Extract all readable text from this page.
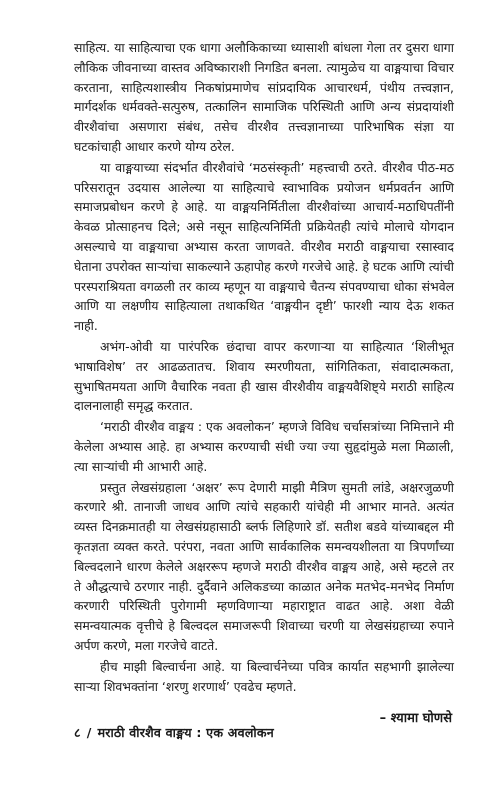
साहित्य. या साहित्याचा एक धागा अलौकिकाच्या ध्यासाशी बांधला गेला तर दुसरा धागा लौकिक जीवनाच्या वास्तव अविष्काराशी निगडित बनला. त्यामुळेच या वाङ्मयाचा विचार करताना, साहित्यशास्त्रीय निकषांप्रमाणेच सांप्रदायिक आचारधर्म, पंथीय तत्त्वज्ञान, मार्गदर्शक धर्मवक्ते-सत्पुरुष, तत्कालिन सामाजिक परिस्थिती आणि अन्य संप्रदायांशी वीरशैवांचा असणारा संबंध, तसेच वीरशैव तत्त्वज्ञानाच्या पारिभाषिक संज्ञा या घटकांचाही आधार करणे योग्य ठरेल.

या वाङ्मयाच्या संदर्भात वीरशैवांचे ‘मठसंस्कृती’ महत्त्वाची ठरते. वीरशैव पीठ-मठ परिसरातून उदयास आलेल्या या साहित्याचे स्वाभाविक प्रयोजन धर्मप्रवर्तन आणि समाजप्रबोधन करणे हे आहे. या वाङ्मयनिर्मितीला वीरशैवांच्या आचार्य-मठाधिपतींनी केवळ प्रोत्साहनच दिले; असे नसून साहित्यनिर्मिती प्रक्रियेतही त्यांचे मोलाचे योगदान असल्याचे या वाङ्मयाचा अभ्यास करता जाणवते. वीरशैव मराठी वाङ्मयाचा रसास्वाद घेताना उपरोक्त साऱ्यांचा साकल्याने ऊहापोह करणे गरजेचे आहे. हे घटक आणि त्यांची परस्पराश्रियता वगळली तर काव्य म्हणून या वाङ्मयाचे चैतन्य संपवण्याचा धोका संभवेल आणि या लक्षणीय साहित्याला तथाकथित ‘वाङ्मयीन दृष्टी’ फारशी न्याय देऊ शकत नाही.

अभंग-ओवी या पारंपरिक छंदाचा वापर करणाऱ्या या साहित्यात ‘शिलीभूत भाषाविशेष’ तर आढळतातच. शिवाय स्मरणीयता, सांगितिकता, संवादात्मकता, सुभाषितमयता आणि वैचारिक नवता ही खास वीरशैवीय वाङ्मयवैशिष्ट्ये मराठी साहित्य दालनालाही समृद्ध करतात.

‘मराठी वीरशैव वाङ्मय : एक अवलोकन’ म्हणजे विविध चर्चासत्रांच्या निमित्ताने मी केलेला अभ्यास आहे. हा अभ्यास करण्याची संधी ज्या ज्या सुहृदांमुळे मला मिळाली, त्या साऱ्यांची मी आभारी आहे.

प्रस्तुत लेखसंग्रहाला ‘अक्षर’ रूप देणारी माझी मैत्रिण सुमती लांडे, अक्षरजुळणी करणारे श्री. तानाजी जाधव आणि त्यांचे सहकारी यांचेही मी आभार मानते. अत्यंत व्यस्त दिनक्रमातही या लेखसंग्रहासाठी ब्लर्फ लिहिणारे डॉ. सतीश बडवे यांच्याबद्दल मी कृतज्ञता व्यक्त करते. परंपरा, नवता आणि सार्वकालिक समन्वयशीलता या त्रिपर्णांच्या बिल्वदलाने धारण केलेले अक्षररूप म्हणजे मराठी वीरशैव वाङ्मय आहे, असे म्हटले तर ते औद्धत्याचे ठरणार नाही. दुर्दैवाने अलिकडच्या काळात अनेक मतभेद-मनभेद निर्माण करणारी परिस्थिती पुरोगामी म्हणविणाऱ्या महाराष्ट्रात वाढत आहे. अशा वेळी समन्वयात्मक वृत्तीचे हे बिल्वदल समाजरूपी शिवाच्या चरणी या लेखसंग्रहाच्या रुपाने अर्पण करणे, मला गरजेचे वाटते.

हीच माझी बिल्वार्चना आहे. या बिल्वार्चनेच्या पवित्र कार्यात सहभागी झालेल्या साऱ्या शिवभक्तांना ‘शरणु शरणार्थ’ एवढेच म्हणते.

– श्यामा घोणसे
८ / मराठी वीरशैव वाङ्मय : एक अवलोकन
